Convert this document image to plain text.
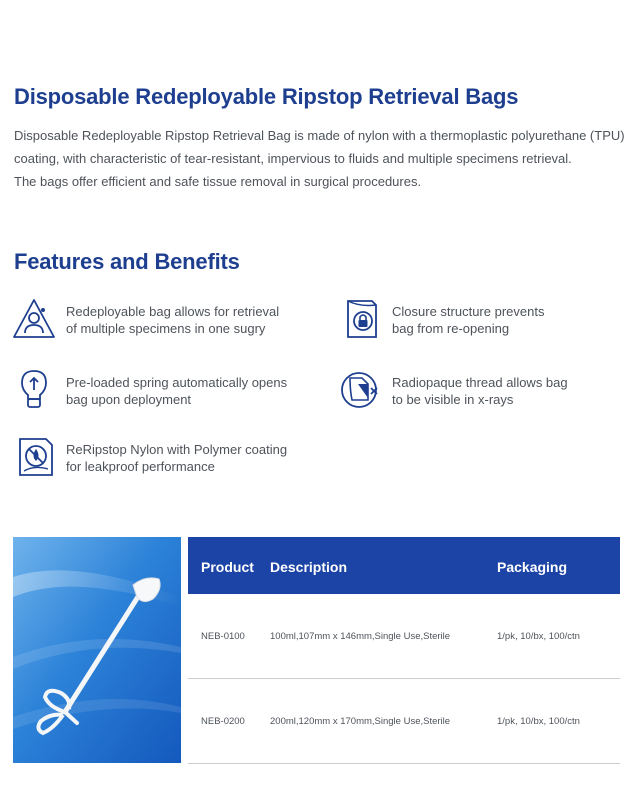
Disposable Redeployable Ripstop Retrieval Bags

Disposable Redeployable Ripstop Retrieval Bag is made of nylon with a thermoplastic polyurethane (TPU)

coating, with characteristic of tear-resistant, impervious to fluids and multiple specimens retrieval.

The bags offer efficient and safe tissue removal in surgical procedures.

Features and Benefits
Redeployable bag allows for retrieval
of multiple specimens in one sugry
Closure structure prevents
bag from re-opening
Pre-loaded spring automatically opens
bag upon deployment
Radiopaque thread allows bag
to be visible in x-rays
ReRipstop Nylon with Polymer coating
for leakproof performance
Product Description	Packaging
NEB-0100	100ml,107mm x 146mm,Single Use,Sterile	1/pk, 10/bx, 100/ctn
NEB-0200	200ml,120mm x 170mm,Single Use,Sterile	1/pk, 10/bx, 100/ctn
